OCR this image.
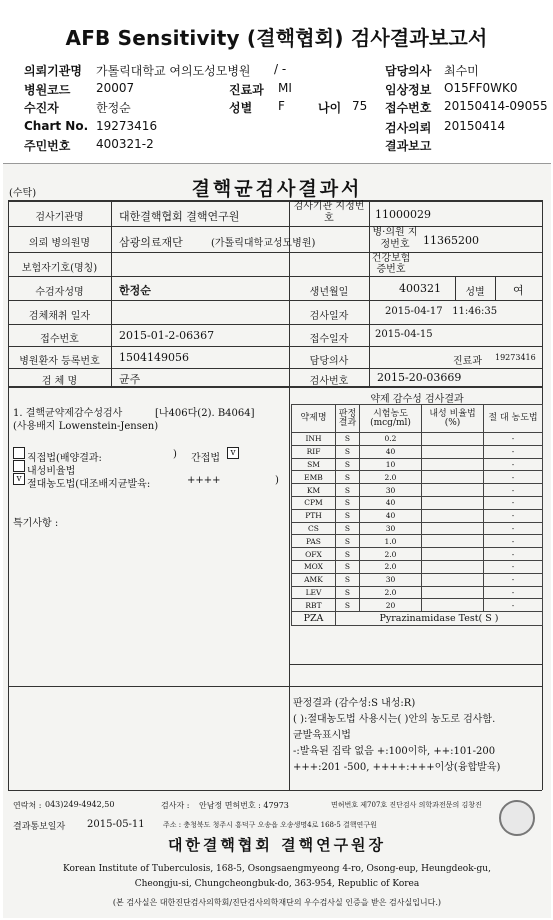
AFB Sensitivity (결핵협회) 검사결과보고서
의뢰기관명 가톨릭대학교 여의도성모병원 / -	담당의사 최수미
병원코드 20007	진료과 MI	임상정보 O15FF0WK0
수진자	한정순	성별 F	나이 75 접수번호 20150414-09055
Chart No. 19273416	검사의뢰 20150414
주민번호 400321-2	결과보고
(수탁)	결핵균검사결과서
검사기관명	대한결핵협회 결핵연구원
검사기관 지정번호	11000029
의뢰 병의원명	삼광의료재단	(가톨릭대학교성모병원)
병·의원 지정번호	11365200
보험자기호(명칭)
건강보험 증번호
수검자성명	한정순	생년월일	400321	성별	여
검체채취 일자	검사일자	2015-04-17   11:46:35
접수번호	2015-01-2-06367	접수일자	2015-04-15
병원환자 등록번호	1504149056	담당의사	진료과 19273416
검 체 명	균주	검사번호	2015-20-03669
1. 결핵균약제감수성검사	[나406다(2). B4064]
(사용배지 Lowenstein-Jensen)
직접법(배양결과:	) 간접법	v
내성비율법
v 절대농도법(대조배지균발육:	++++	)
특기사항 :
약제 감수성 검사결과
약제명	판정 결과	시험농도 (mcg/ml)	내성 비율법(%)	절 대 농도법
INH	S	0.2		-
RIF	S	40		-
SM	S	10		-
EMB	S	2.0		-
KM	S	30		-
CPM	S	40		-
PTH	S	40		-
CS	S	30		-
PAS	S	1.0		-
OFX	S	2.0		-
MOX	S	2.0		-
AMK	S	30		-
LEV	S	2.0		-
RBT	S	20		-
PZA	Pyrazinamidase Test( S )			
판정결과 (감수성:S 내성:R)
( ):절대농도법 사용시는( )안의 농도로 검사함.
균발육표시법
-:발육된 집락 없음 +:100이하, ++:101-200
+++:201 -500, ++++:+++이상(융합발육)
연락처 : 043)249-4942,50	검사자 : 안남정 면허번호 : 47973	면허번호 제707호 진단검사 의학과전문의 김창진
결과통보일자 2015-05-11	주소 : 충청북도 청주시 흥덕구 오송읍 오송생명4로 168-5 결핵연구원
대한결핵협회 결핵연구원장
Korean Institute of Tuberculosis, 168-5, Osongsaengmyeong 4-ro, Osong-eup, Heungdeok-gu,
Cheongju-si, Chungcheongbuk-do, 363-954, Republic of Korea
(본 검사실은 대한진단검사의학회/진단검사의학재단의 우수검사실 인증을 받은 검사실입니다.)
